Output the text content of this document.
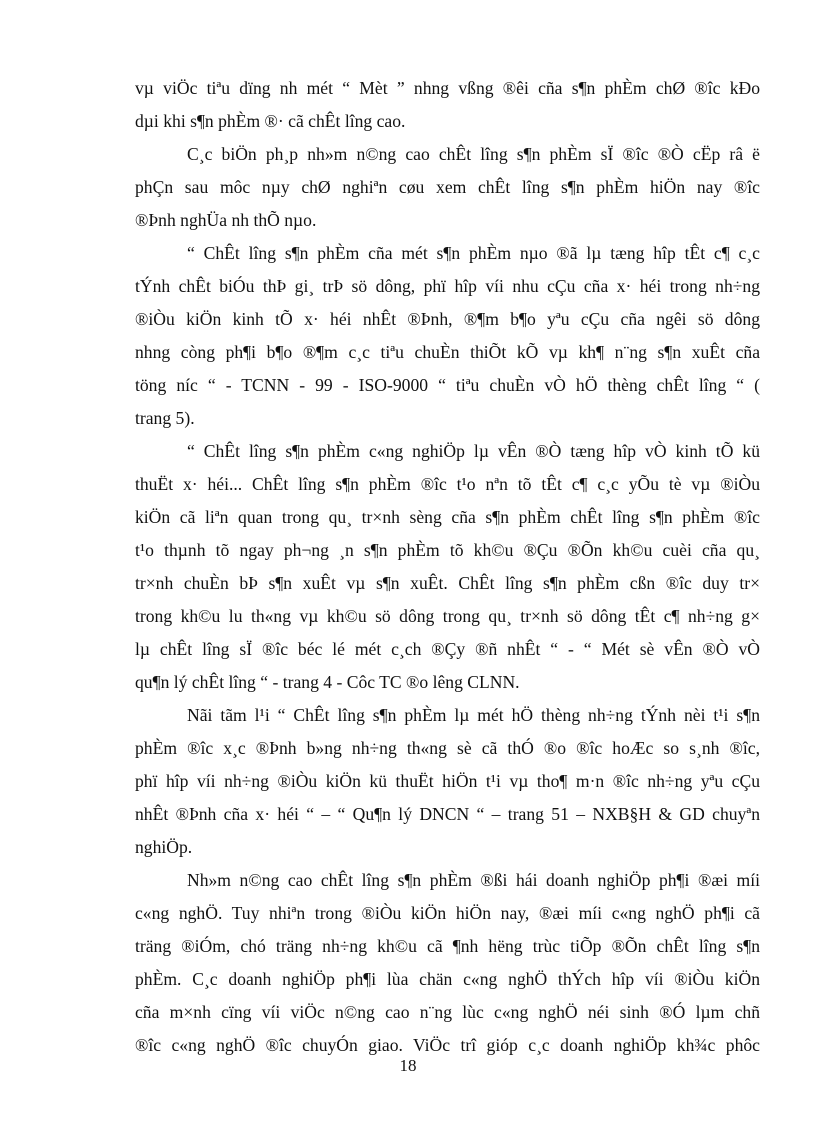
vµ viÖc tiªu dïng nh mét “ Mèt ” nhng vßng ®êi cña s¶n phÈm chØ ®îc kÐo
dµi khi s¶n phÈm ®· cã chÊt lîng cao.
C¸c biÖn ph¸p nh»m n©ng cao chÊt lîng s¶n phÈm sÏ ®îc ®Ò cËp râ ë
phÇn sau môc nµy chØ nghiªn cøu xem chÊt lîng s¶n phÈm hiÖn nay ®îc
®Þnh nghÜa nh thÕ nµo.
“ ChÊt lîng s¶n phÈm cña mét s¶n phÈm nµo ®ã lµ tæng hîp tÊt c¶ c¸c
tÝnh chÊt biÓu thÞ gi¸ trÞ sö dông, phï hîp víi nhu cÇu cña x· héi trong nh÷ng
®iÒu kiÖn kinh tÕ x· héi nhÊt ®Þnh, ®¶m b¶o yªu cÇu cña ngêi sö dông
nhng còng ph¶i b¶o ®¶m c¸c tiªu chuÈn thiÕt kÕ vµ kh¶ n¨ng s¶n xuÊt cña
töng níc “ - TCNN - 99 - ISO-9000 “ tiªu chuÈn vÒ hÖ thèng chÊt lîng “ (
trang 5).
“ ChÊt lîng s¶n phÈm c«ng nghiÖp lµ vÊn ®Ò tæng hîp vÒ kinh tÕ kü
thuËt x· héi... ChÊt lîng s¶n phÈm ®îc t¹o nªn tõ tÊt c¶ c¸c yÕu tè vµ ®iÒu
kiÖn cã liªn quan trong qu¸ tr×nh sèng cña s¶n phÈm chÊt lîng s¶n phÈm ®îc
t¹o thµnh tõ ngay ph¬ng ¸n s¶n phÈm tõ kh©u ®Çu ®Õn kh©u cuèi cña qu¸
tr×nh chuÈn bÞ s¶n xuÊt vµ s¶n xuÊt. ChÊt lîng s¶n phÈm cßn ®îc duy tr×
trong kh©u lu th«ng vµ kh©u sö dông trong qu¸ tr×nh sö dông tÊt c¶ nh÷ng g×
lµ chÊt lîng sÏ ®îc béc lé mét c¸ch ®Çy ®ñ nhÊt “ - “ Mét sè vÊn ®Ò vÒ
qu¶n lý chÊt lîng “ - trang 4 - Côc TC ®o lêng CLNN.
Nãi tãm l¹i “ ChÊt lîng s¶n phÈm lµ mét hÖ thèng nh÷ng tÝnh nèi t¹i s¶n
phÈm ®îc x¸c ®Þnh b»ng nh÷ng th«ng sè cã thÓ ®o ®îc hoÆc so s¸nh ®îc,
phï hîp víi nh÷ng ®iÒu kiÖn kü thuËt hiÖn t¹i vµ tho¶ m·n ®îc nh÷ng yªu cÇu
nhÊt ®Þnh cña x· héi “ – “ Qu¶n lý DNCN “ – trang 51 – NXB§H & GD chuyªn
nghiÖp.
Nh»m n©ng cao chÊt lîng s¶n phÈm ®ßi hái doanh nghiÖp ph¶i ®æi míi
c«ng nghÖ. Tuy nhiªn trong ®iÒu kiÖn hiÖn nay, ®æi míi c«ng nghÖ ph¶i cã
träng ®iÓm, chó träng nh÷ng kh©u cã ¶nh hëng trùc tiÕp ®Õn chÊt lîng s¶n
phÈm. C¸c doanh nghiÖp ph¶i lùa chän c«ng nghÖ thÝch hîp víi ®iÒu kiÖn
cña m×nh cïng víi viÖc n©ng cao n¨ng lùc c«ng nghÖ néi sinh ®Ó lµm chñ
®îc c«ng nghÖ ®îc chuyÓn giao. ViÖc trî gióp c¸c doanh nghiÖp kh¾c phôc
18
